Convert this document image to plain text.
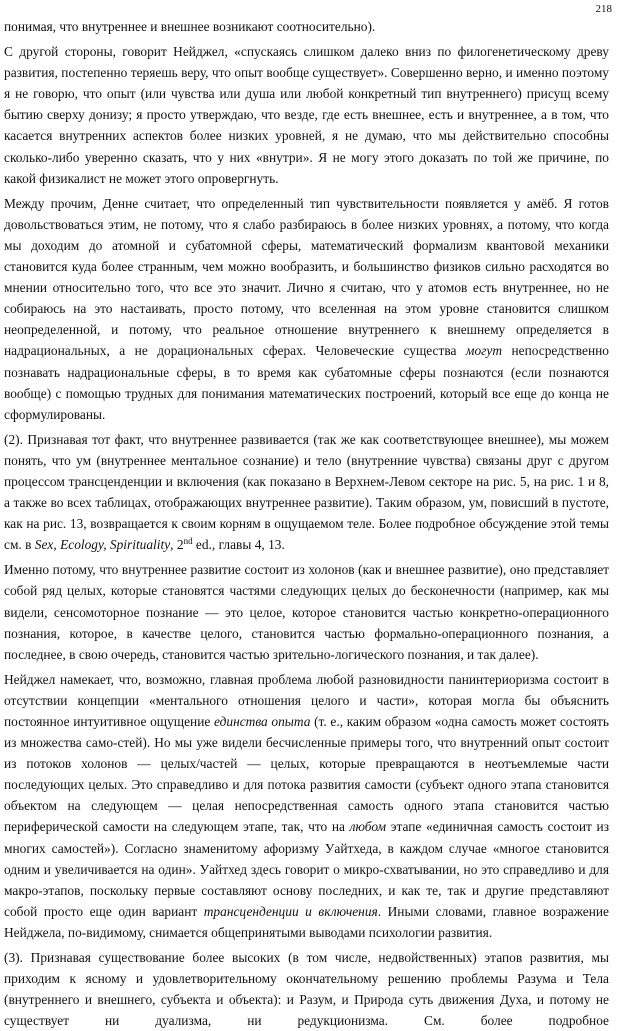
218

понимая, что внутреннее и внешнее возникают соотносительно).

С другой стороны, говорит Нейджел, «спускаясь слишком далеко вниз по филогенетическому древу развития, постепенно теряешь веру, что опыт вообще существует». Совершенно верно, и именно поэтому я не говорю, что опыт (или чувства или душа или любой конкретный тип внутреннего) присущ всему бытию сверху донизу; я просто утверждаю, что везде, где есть внешнее, есть и внутреннее, а в том, что касается внутренних аспектов более низких уровней, я не думаю, что мы действительно способны сколько-либо уверенно сказать, что у них «внутри». Я не могу этого доказать по той же причине, по какой физикалист не может этого опровергнуть.

Между прочим, Денне считает, что определенный тип чувствительности появляется у амёб. Я готов довольствоваться этим, не потому, что я слабо разбираюсь в более низких уровнях, а потому, что когда мы доходим до атомной и субатомной сферы, математический формализм квантовой механики становится куда более странным, чем можно вообразить, и большинство физиков сильно расходятся во мнении относительно того, что все это значит. Лично я считаю, что у атомов есть внутреннее, но не собираюсь на это настаивать, просто потому, что вселенная на этом уровне становится слишком неопределенной, и потому, что реальное отношение внутреннего к внешнему определяется в надрациональных, а не дорациональных сферах. Человеческие существа могут непосредственно познавать надрациональные сферы, в то время как субатомные сферы познаются (если познаются вообще) с помощью трудных для понимания математических построений, который все еще до конца не сформулированы.

(2). Признавая тот факт, что внутреннее развивается (так же как соответствующее внешнее), мы можем понять, что ум (внутреннее ментальное сознание) и тело (внутренние чувства) связаны друг с другом процессом трансценденции и включения (как показано в Верхнем-Левом секторе на рис. 5, на рис. 1 и 8, а также во всех таблицах, отображающих внутреннее развитие). Таким образом, ум, повисший в пустоте, как на рис. 13, возвращается к своим корням в ощущаемом теле. Более подробное обсуждение этой темы см. в Sex, Ecology, Spirituality, 2nd ed., главы 4, 13.

Именно потому, что внутреннее развитие состоит из холонов (как и внешнее развитие), оно представляет собой ряд целых, которые становятся частями следующих целых до бесконечности (например, как мы видели, сенсомоторное познание — это целое, которое становится частью конкретно-операционного познания, которое, в качестве целого, становится частью формально-операционного познания, а последнее, в свою очередь, становится частью зрительно-логического познания, и так далее).

Нейджел намекает, что, возможно, главная проблема любой разновидности панинтериоризма состоит в отсутствии концепции «ментального отношения целого и части», которая могла бы объяснить постоянное интуитивное ощущение единства опыта (т. е., каким образом «одна самость может состоять из множества само-стей). Но мы уже видели бесчисленные примеры того, что внутренний опыт состоит из потоков холонов — целых/частей — целых, которые превращаются в неотъемлемые части последующих целых. Это справедливо и для потока развития самости (субъект одного этапа становится объектом на следующем — целая непосредственная самость одного этапа становится частью периферической самости на следующем этапе, так, что на любом этапе «единичная самость состоит из многих самостей»). Согласно знаменитому афоризму Уайтхеда, в каждом случае «многое становится одним и увеличивается на один». Уайтхед здесь говорит о микро-схватывании, но это справедливо и для макро-этапов, поскольку первые составляют основу последних, и как те, так и другие представляют собой просто еще один вариант трансценденции и включения. Иными словами, главное возражение Нейджела, по-видимому, снимается общепринятыми выводами психологии развития.

(3). Признавая существование более высоких (в том числе, недвойственных) этапов развития, мы приходим к ясному и удовлетворительному окончательному решению проблемы Разума и Тела (внутреннего и внешнего, субъекта и объекта): и Разум, и Природа суть движения Духа, и потому не существует ни дуализма, ни редукционизма. См. более подробное
